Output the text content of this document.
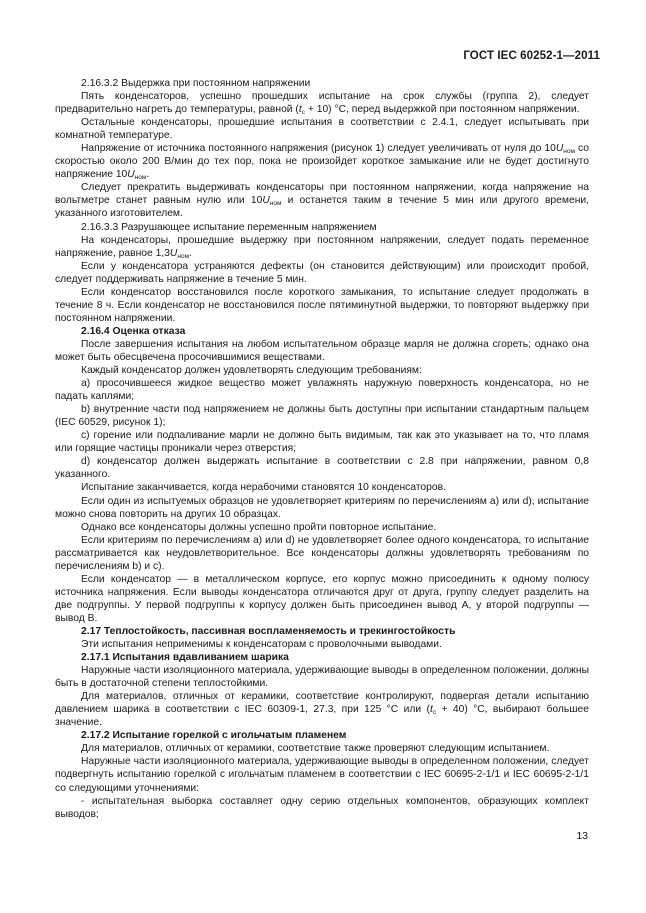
ГОСТ IEC 60252-1—2011

2.16.3.2 Выдержка при постоянном напряжении

Пять конденсаторов, успешно прошедших испытание на срок службы (группа 2), следует предварительно нагреть до температуры, равной $(t_c + 10)$ °С, перед выдержкой при постоянном напряжении.

Остальные конденсаторы, прошедшие испытания в соответствии с 2.4.1, следует испытывать при комнатной температуре.

Напряжение от источника постоянного напряжения (рисунок 1) следует увеличивать от нуля до $10U_{ном}$ со скоростью около 200 В/мин до тех пор, пока не произойдет короткое замыкание или не будет достигнуто напряжение $10U_{ном}$.

Следует прекратить выдерживать конденсаторы при постоянном напряжении, когда напряжение на вольтметре станет равным нулю или $10U_{ном}$ и останется таким в течение 5 мин или другого времени, указанного изготовителем.

2.16.3.3 Разрушающее испытание переменным напряжением

На конденсаторы, прошедшие выдержку при постоянном напряжении, следует подать переменное напряжение, равное $1,3U_{ном}$.

Если у конденсатора устраняются дефекты (он становится действующим) или происходит пробой, следует поддерживать напряжение в течение 5 мин.

Если конденсатор восстановился после короткого замыкания, то испытание следует продолжать в течение 8 ч. Если конденсатор не восстановился после пятиминутной выдержки, то повторяют выдержку при постоянном напряжении.

2.16.4 Оценка отказа

После завершения испытания на любом испытательном образце марля не должна сгореть; однако она может быть обесцвечена просочившимися веществами.

Каждый конденсатор должен удовлетворять следующим требованиям:

а) просочившееся жидкое вещество может увлажнять наружную поверхность конденсатора, но не падать каплями;

b) внутренние части под напряжением не должны быть доступны при испытании стандартным пальцем (IEC 60529, рисунок 1);

с) горение или подпаливание марли не должно быть видимым, так как это указывает на то, что пламя или горящие частицы проникали через отверстия;

d) конденсатор должен выдержать испытание в соответствии с 2.8 при напряжении, равном 0,8 указанного.

Испытание заканчивается, когда нерабочими становятся 10 конденсаторов.

Если один из испытуемых образцов не удовлетворяет критериям по перечислениям а) или d), испытание можно снова повторить на других 10 образцах.

Однако все конденсаторы должны успешно пройти повторное испытание.

Если критериям по перечислениям а) или d) не удовлетворяет более одного конденсатора, то испытание рассматривается как неудовлетворительное. Все конденсаторы должны удовлетворять требованиям по перечислениям b) и с).

Если конденсатор — в металлическом корпусе, его корпус можно присоединить к одному полюсу источника напряжения. Если выводы конденсатора отличаются друг от друга, группу следует разделить на две подгруппы. У первой подгруппы к корпусу должен быть присоединен вывод А, у второй подгруппы — вывод В.

2.17 Теплостойкость, пассивная воспламеняемость и трекингостойкость

Эти испытания неприменимы к конденсаторам с проволочными выводами.

2.17.1 Испытания вдавливанием шарика

Наружные части изоляционного материала, удерживающие выводы в определенном положении, должны быть в достаточной степени теплостойкими.

Для материалов, отличных от керамики, соответствие контролируют, подвергая детали испытанию давлением шарика в соответствии с IEC 60309-1, 27.3, при 125 °С или $(t_c + 40)$ °С, выбирают большее значение.

2.17.2 Испытание горелкой с игольчатым пламенем

Для материалов, отличных от керамики, соответствие также проверяют следующим испытанием.

Наружные части изоляционного материала, удерживающие выводы в определенном положении, следует подвергнуть испытанию горелкой с игольчатым пламенем в соответствии с IEC 60695-2-1/1 и IEC 60695-2-1/1 со следующими уточнениями:

- испытательная выборка составляет одну серию отдельных компонентов, образующих комплект выводов;

13
